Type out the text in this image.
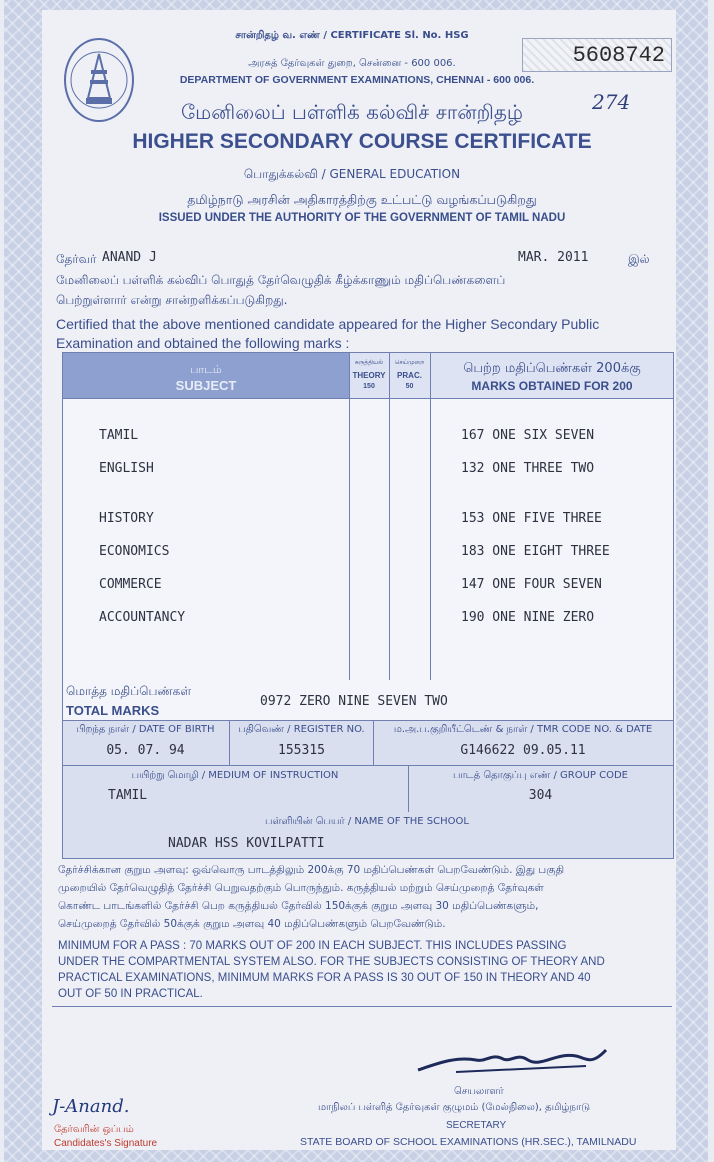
சான்றிதழ் வ. எண் / CERTIFICATE Sl. No. HSG
5608742
அரசுத் தேர்வுகள் துறை, சென்னை - 600 006.
DEPARTMENT OF GOVERNMENT EXAMINATIONS, CHENNAI - 600 006.
274
மேனிலைப் பள்ளிக் கல்விச் சான்றிதழ்
HIGHER SECONDARY COURSE CERTIFICATE
பொதுக்கல்வி / GENERAL EDUCATION
தமிழ்நாடு அரசின் அதிகாரத்திற்கு உட்பட்டு வழங்கப்படுகிறது
ISSUED UNDER THE AUTHORITY OF THE GOVERNMENT OF TAMIL NADU
தேர்வர் ANAND J	MAR. 2011	இல்
மேனிலைப் பள்ளிக் கல்விப் பொதுத் தேர்வெழுதிக் கீழ்க்காணும் மதிப்பெண்களைப்
பெற்றுள்ளார் என்று சான்றளிக்கப்படுகிறது.
Certified that the above mentioned candidate appeared for the Higher Secondary Public
Examination and obtained the following marks :
பாடம்
SUBJECT
கருத்தியல்
THEORY
150
செய்முறை
PRAC.
50
பெற்ற மதிப்பெண்கள் 200க்கு
MARKS OBTAINED FOR 200
TAMIL	167 ONE SIX SEVEN
ENGLISH	132 ONE THREE TWO
HISTORY	153 ONE FIVE THREE
ECONOMICS	183 ONE EIGHT THREE
COMMERCE	147 ONE FOUR SEVEN
ACCOUNTANCY	190 ONE NINE ZERO
மொத்த மதிப்பெண்கள்
TOTAL MARKS
0972 ZERO NINE SEVEN TWO
பிறந்த நாள் / DATE OF BIRTH
05. 07. 94
பதிவெண் / REGISTER NO.
155315
ம.அ.ப.குறியீட்டெண் & நாள் / TMR CODE NO. & DATE
G146622 09.05.11
பயிற்று மொழி / MEDIUM OF INSTRUCTION
TAMIL
பாடத் தொகுப்பு எண் / GROUP CODE
304
பள்ளியின் பெயர் / NAME OF THE SCHOOL
NADAR HSS KOVILPATTI
தேர்ச்சிக்கான குறும அளவு: ஒவ்வொரு பாடத்திலும் 200க்கு 70 மதிப்பெண்கள் பெறவேண்டும். இது பகுதி
முறையில் தேர்வெழுதித் தேர்ச்சி பெறுவதற்கும் பொருந்தும். கருத்தியல் மற்றும் செய்முறைத் தேர்வுகள்
கொண்ட பாடங்களில் தேர்ச்சி பெற கருத்தியல் தேர்வில் 150க்குக் குறும அளவு 30 மதிப்பெண்களும்,
செய்முறைத் தேர்வில் 50க்குக் குறும அளவு 40 மதிப்பெண்களும் பெறவேண்டும்.
MINIMUM FOR A PASS : 70 MARKS OUT OF 200 IN EACH SUBJECT. THIS INCLUDES PASSING
UNDER THE COMPARTMENTAL SYSTEM ALSO. FOR THE SUBJECTS CONSISTING OF THEORY AND
PRACTICAL EXAMINATIONS, MINIMUM MARKS FOR A PASS IS 30 OUT OF 150 IN THEORY AND 40
OUT OF 50 IN PRACTICAL.
J-Anand.
தேர்வரின் ஒப்பம்
Candidates's Signature
செயலாளர்
மாநிலப் பள்ளித் தேர்வுகள் குழுமம் (மேல்நிலை), தமிழ்நாடு
SECRETARY
STATE BOARD OF SCHOOL EXAMINATIONS (HR.SEC.), TAMILNADU
